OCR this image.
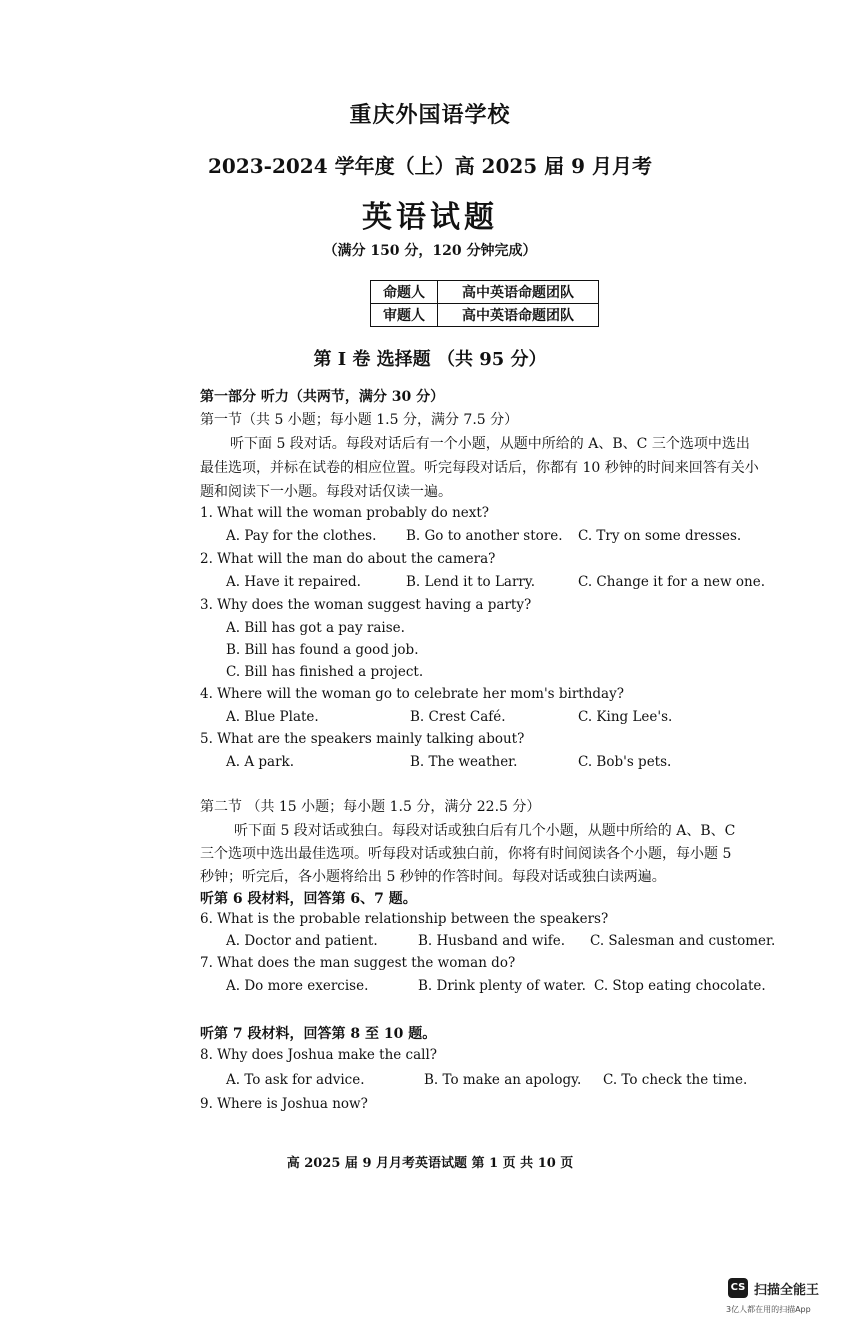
重庆外国语学校
2023-2024 学年度（上）高 2025 届 9 月月考
英语试题
（满分 150 分，120 分钟完成）
命题人	高中英语命题团队
审题人	高中英语命题团队
第 I 卷 选择题 （共 95 分）
第一部分 听力（共两节，满分 30 分）
第一节（共 5 小题；每小题 1.5 分，满分 7.5 分）
听下面 5 段对话。每段对话后有一个小题，从题中所给的 A、B、C 三个选项中选出
最佳选项，并标在试卷的相应位置。听完每段对话后，你都有 10 秒钟的时间来回答有关小
题和阅读下一小题。每段对话仅读一遍。
1. What will the woman probably do next?
A. Pay for the clothes. B. Go to another store. C. Try on some dresses.
2. What will the man do about the camera?
A. Have it repaired.	B. Lend it to Larry.	C. Change it for a new one.
3. Why does the woman suggest having a party?
A. Bill has got a pay raise.
B. Bill has found a good job.
C. Bill has finished a project.
4. Where will the woman go to celebrate her mom's birthday?
A. Blue Plate.	B. Crest Café.	C. King Lee's.
5. What are the speakers mainly talking about?
A. A park.	B. The weather.	C. Bob's pets.
第二节 （共 15 小题；每小题 1.5 分，满分 22.5 分）
听下面 5 段对话或独白。每段对话或独白后有几个小题，从题中所给的 A、B、C
三个选项中选出最佳选项。听每段对话或独白前，你将有时间阅读各个小题，每小题 5
秒钟；听完后，各小题将给出 5 秒钟的作答时间。每段对话或独白读两遍。
听第 6 段材料，回答第 6、7 题。
6. What is the probable relationship between the speakers?
A. Doctor and patient.	B. Husband and wife. C. Salesman and customer.
7. What does the man suggest the woman do?
A. Do more exercise.	B. Drink plenty of water. C. Stop eating chocolate.
听第 7 段材料，回答第 8 至 10 题。
8. Why does Joshua make the call?
A. To ask for advice.	B. To make an apology. C. To check the time.
9. Where is Joshua now?
高 2025 届 9 月月考英语试题 第 1 页 共 10 页
CS 扫描全能王
3亿人都在用的扫描App
